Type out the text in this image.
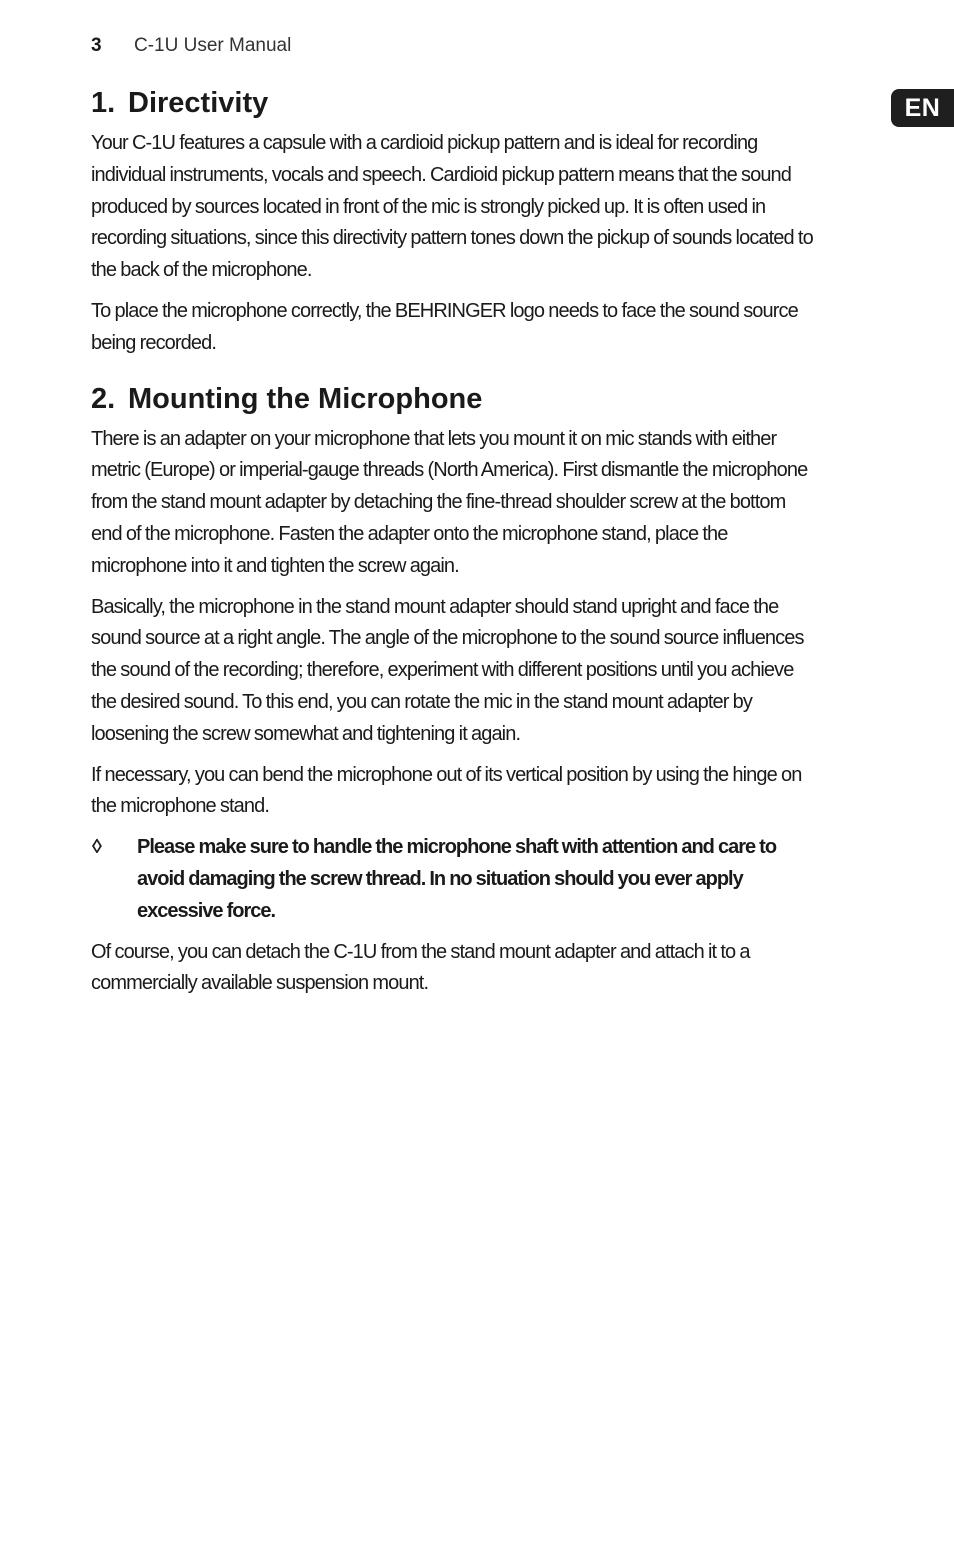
3 C-1U User Manual
EN
1. Directivity

Your C-1U features a capsule with a cardioid pickup pattern and is ideal for recording individual instruments, vocals and speech. Cardioid pickup pattern means that the sound produced by sources located in front of the mic is strongly picked up. It is often used in recording situations, since this directivity pattern tones down the pickup of sounds located to the back of the microphone.

To place the microphone correctly, the BEHRINGER logo needs to face the sound source being recorded.

2. Mounting the Microphone

There is an adapter on your microphone that lets you mount it on mic stands with either metric (Europe) or imperial-gauge threads (North America). First dismantle the microphone from the stand mount adapter by detaching the fine-thread shoulder screw at the bottom end of the microphone. Fasten the adapter onto the microphone stand, place the microphone into it and tighten the screw again.

Basically, the microphone in the stand mount adapter should stand upright and face the sound source at a right angle. The angle of the microphone to the sound source influences the sound of the recording; therefore, experiment with different positions until you achieve the desired sound. To this end, you can rotate the mic in the stand mount adapter by loosening the screw somewhat and tightening it again.

If necessary, you can bend the microphone out of its vertical position by using the hinge on the microphone stand.

◊	Please make sure to handle the microphone shaft with attention and care to avoid damaging the screw thread. In no situation should you ever apply excessive force.

Of course, you can detach the C-1U from the stand mount adapter and attach it to a commercially available suspension mount.
